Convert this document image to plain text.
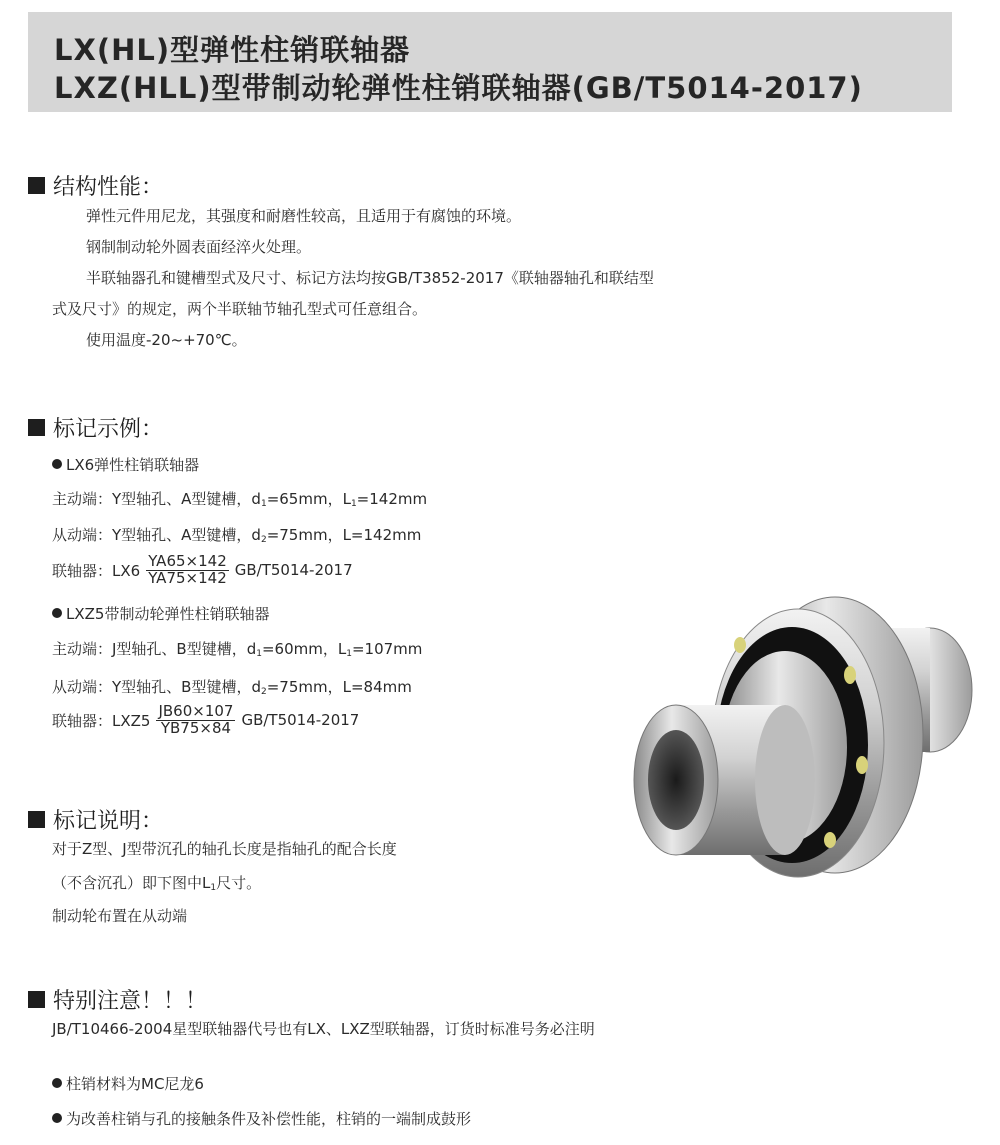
LX(HL)型弹性柱销联轴器
LXZ(HLL)型带制动轮弹性柱销联轴器(GB/T5014-2017)
结构性能：
弹性元件用尼龙，其强度和耐磨性较高，且适用于有腐蚀的环境。
钢制制动轮外圆表面经淬火处理。
半联轴器孔和键槽型式及尺寸、标记方法均按GB/T3852-2017《联轴器轴孔和联结型
式及尺寸》的规定，两个半联轴节轴孔型式可任意组合。
使用温度-20~+70℃。
标记示例：
LX6弹性柱销联轴器
主动端：Y型轴孔、A型键槽，$d_1=65mm$，$L_1=142mm$
从动端：Y型轴孔、A型键槽，$d_2=75mm$，L=142mm
联轴器：$LX6 \frac{YA65\times 142}{YA75\times 142} GB/T5014-2017$
LXZ5带制动轮弹性柱销联轴器
主动端：J型轴孔、B型键槽，$d_1=60mm$，$L_1=107mm$
从动端：Y型轴孔、B型键槽，$d_2=75mm$，L=84mm
联轴器：$LXZ5 \frac{JB60\times 107}{YB75\times 84} GB/T5014-2017$
标记说明：
对于Z型、J型带沉孔的轴孔长度是指轴孔的配合长度
（不含沉孔）即下图中$L_1$尺寸。
制动轮布置在从动端
特别注意！！！
JB/T10466-2004星型联轴器代号也有LX、LXZ型联轴器，订货时标准号务必注明
柱销材料为MC尼龙6
为改善柱销与孔的接触条件及补偿性能，柱销的一端制成鼓形
